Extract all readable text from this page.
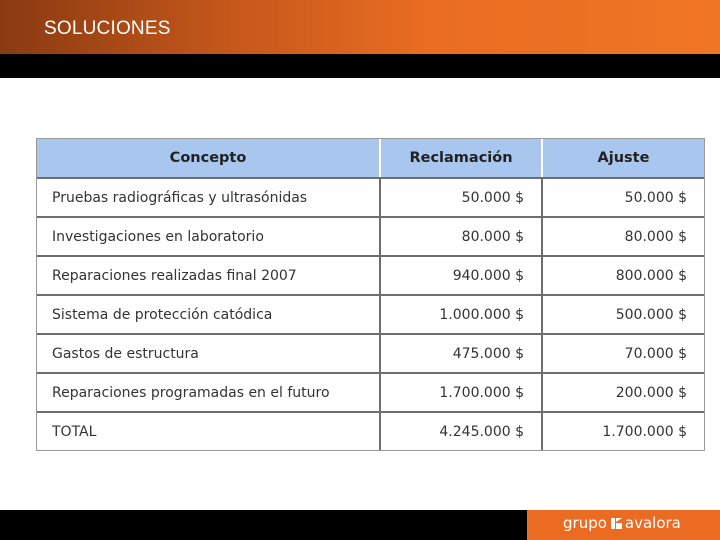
SOLUCIONES
Concepto	Reclamación	Ajuste
Pruebas radiográficas y ultrasónidas	50.000 $	50.000 $
Investigaciones en laboratorio	80.000 $	80.000 $
Reparaciones realizadas final 2007	940.000 $	800.000 $
Sistema de protección catódica	1.000.000 $	500.000 $
Gastos de estructura	475.000 $	70.000 $
Reparaciones programadas en el futuro	1.700.000 $	200.000 $
TOTAL	4.245.000 $	1.700.000 $
grupo avalora
